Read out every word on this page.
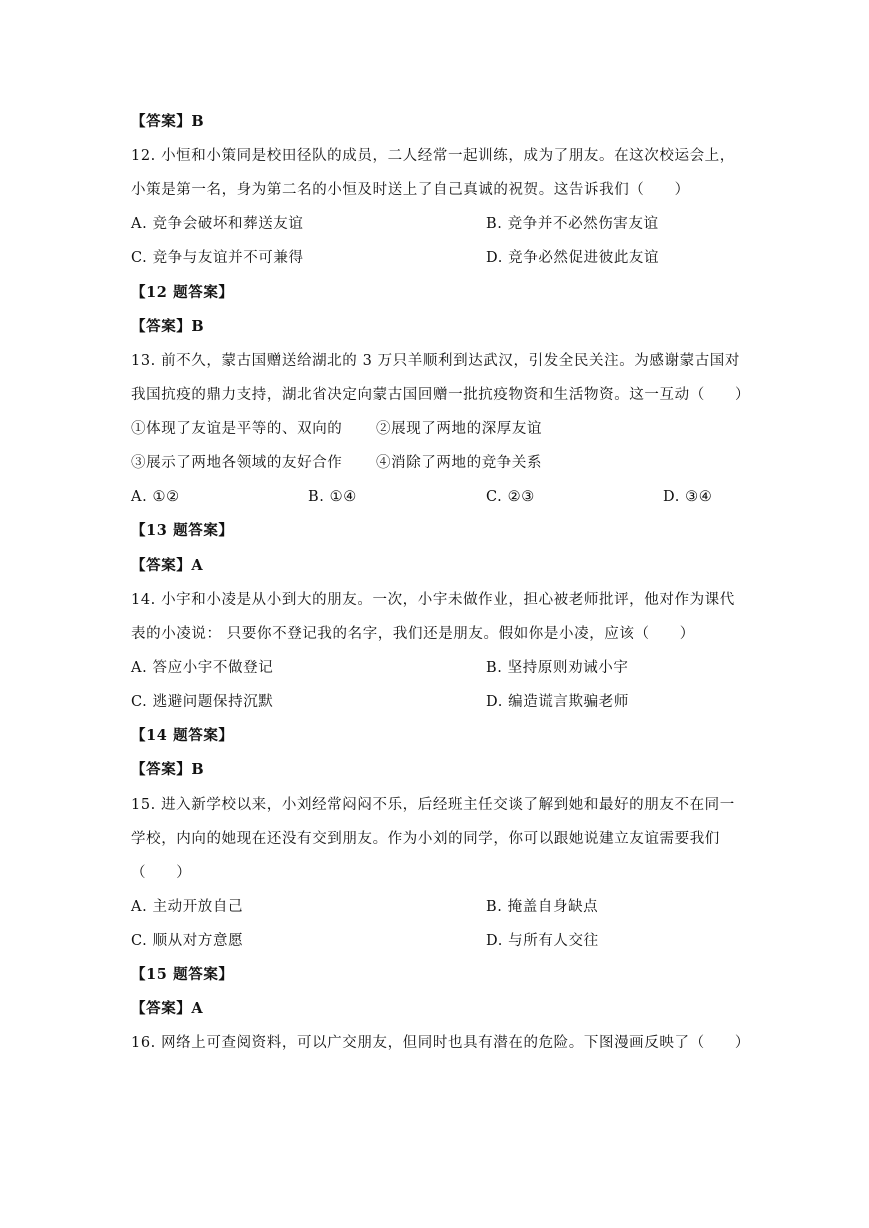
【答案】B
12. 小恒和小策同是校田径队的成员，二人经常一起训练，成为了朋友。在这次校运会上，
小策是第一名，身为第二名的小恒及时送上了自己真诚的祝贺。这告诉我们（　　）
A. 竞争会破坏和葬送友谊	B. 竞争并不必然伤害友谊
C. 竞争与友谊并不可兼得	D. 竞争必然促进彼此友谊
【12 题答案】
【答案】B
13. 前不久，蒙古国赠送给湖北的 3 万只羊顺利到达武汉，引发全民关注。为感谢蒙古国对
我国抗疫的鼎力支持，湖北省决定向蒙古国回赠一批抗疫物资和生活物资。这一互动（　　）
①体现了友谊是平等的、双向的 ②展现了两地的深厚友谊
③展示了两地各领域的友好合作 ④消除了两地的竞争关系
A. ①②	B. ①④	C. ②③	D. ③④
【13 题答案】
【答案】A
14. 小宇和小凌是从小到大的朋友。一次，小宇未做作业，担心被老师批评，他对作为课代
表的小凌说： 只要你不登记我的名字，我们还是朋友。假如你是小凌，应该（　　）
A. 答应小宇不做登记	B. 坚持原则劝诫小宇
C. 逃避问题保持沉默	D. 编造谎言欺骗老师
【14 题答案】
【答案】B
15. 进入新学校以来，小刘经常闷闷不乐，后经班主任交谈了解到她和最好的朋友不在同一
学校，内向的她现在还没有交到朋友。作为小刘的同学，你可以跟她说建立友谊需要我们
（　　）
A. 主动开放自己	B. 掩盖自身缺点
C. 顺从对方意愿	D. 与所有人交往
【15 题答案】
【答案】A
16. 网络上可查阅资料，可以广交朋友，但同时也具有潜在的危险。下图漫画反映了（　　）
